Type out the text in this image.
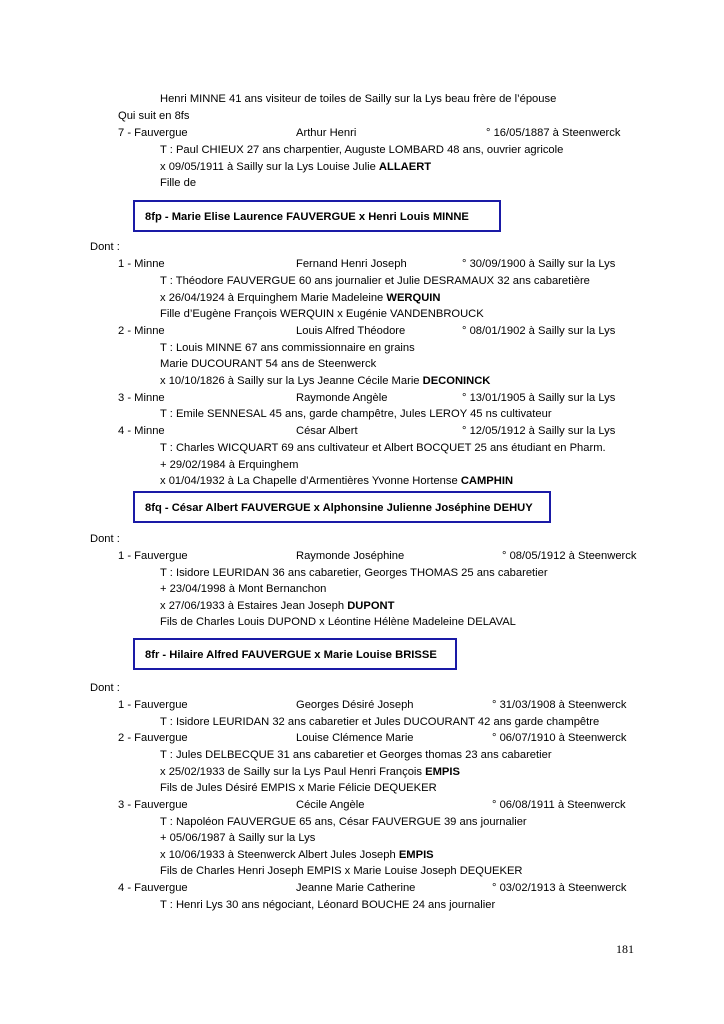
Henri MINNE 41 ans visiteur de toiles de Sailly sur la Lys beau frère de l’épouse
Qui suit en 8fs
7 - Fauvergue	Arthur Henri	° 16/05/1887 à Steenwerck
T : Paul CHIEUX 27 ans charpentier, Auguste LOMBARD 48 ans, ouvrier agricole
x 09/05/1911 à Sailly sur la Lys Louise Julie ALLAERT
Fille de
8fp - Marie Elise Laurence FAUVERGUE x Henri Louis MINNE
Dont :
1 - Minne	Fernand Henri Joseph	° 30/09/1900 à Sailly sur la Lys
T : Théodore FAUVERGUE 60 ans journalier et Julie DESRAMAUX 32 ans cabaretière
x 26/04/1924 à Erquinghem Marie Madeleine WERQUIN
Fille d’Eugène François WERQUIN x Eugénie VANDENBROUCK
2 - Minne	Louis Alfred Théodore	° 08/01/1902 à Sailly sur la Lys
T : Louis MINNE 67 ans commissionnaire en grains
Marie DUCOURANT 54 ans de Steenwerck
x 10/10/1826 à Sailly sur la Lys Jeanne Cécile Marie DECONINCK
3 - Minne	Raymonde Angèle	° 13/01/1905 à Sailly sur la Lys
T : Emile SENNESAL 45 ans, garde champêtre, Jules LEROY 45 ns cultivateur
4 - Minne	César Albert	° 12/05/1912 à Sailly sur la Lys
T : Charles WICQUART 69 ans cultivateur et Albert BOCQUET 25 ans étudiant en Pharm.
+ 29/02/1984 à Erquinghem
x 01/04/1932 à La Chapelle d’Armentières Yvonne Hortense CAMPHIN
8fq - César Albert FAUVERGUE x Alphonsine Julienne Joséphine DEHUY
Dont :
1 - Fauvergue	Raymonde Joséphine	° 08/05/1912 à Steenwerck
T : Isidore LEURIDAN 36 ans cabaretier, Georges THOMAS 25 ans cabaretier
+ 23/04/1998 à Mont Bernanchon
x 27/06/1933 à Estaires Jean Joseph DUPONT
Fils de Charles Louis DUPOND x Léontine Hélène Madeleine DELAVAL
8fr - Hilaire Alfred FAUVERGUE x Marie Louise BRISSE
Dont :
1 - Fauvergue	Georges Désiré Joseph	° 31/03/1908 à Steenwerck
T : Isidore LEURIDAN 32 ans cabaretier et Jules DUCOURANT 42 ans garde champêtre
2 - Fauvergue	Louise Clémence Marie	° 06/07/1910 à Steenwerck
T : Jules DELBECQUE 31 ans cabaretier et Georges thomas 23 ans cabaretier
x 25/02/1933 de Sailly sur la Lys Paul Henri François EMPIS
Fils de Jules Désiré EMPIS x Marie Félicie DEQUEKER
3 - Fauvergue	Cécile Angèle	° 06/08/1911 à Steenwerck
T : Napoléon FAUVERGUE 65 ans, César FAUVERGUE 39 ans journalier
+ 05/06/1987 à Sailly sur la Lys
x 10/06/1933 à Steenwerck Albert Jules Joseph EMPIS
Fils de Charles Henri Joseph EMPIS x Marie Louise Joseph DEQUEKER
4 - Fauvergue	Jeanne Marie Catherine	° 03/02/1913 à Steenwerck
T : Henri Lys 30 ans négociant, Léonard BOUCHE 24 ans journalier
181
